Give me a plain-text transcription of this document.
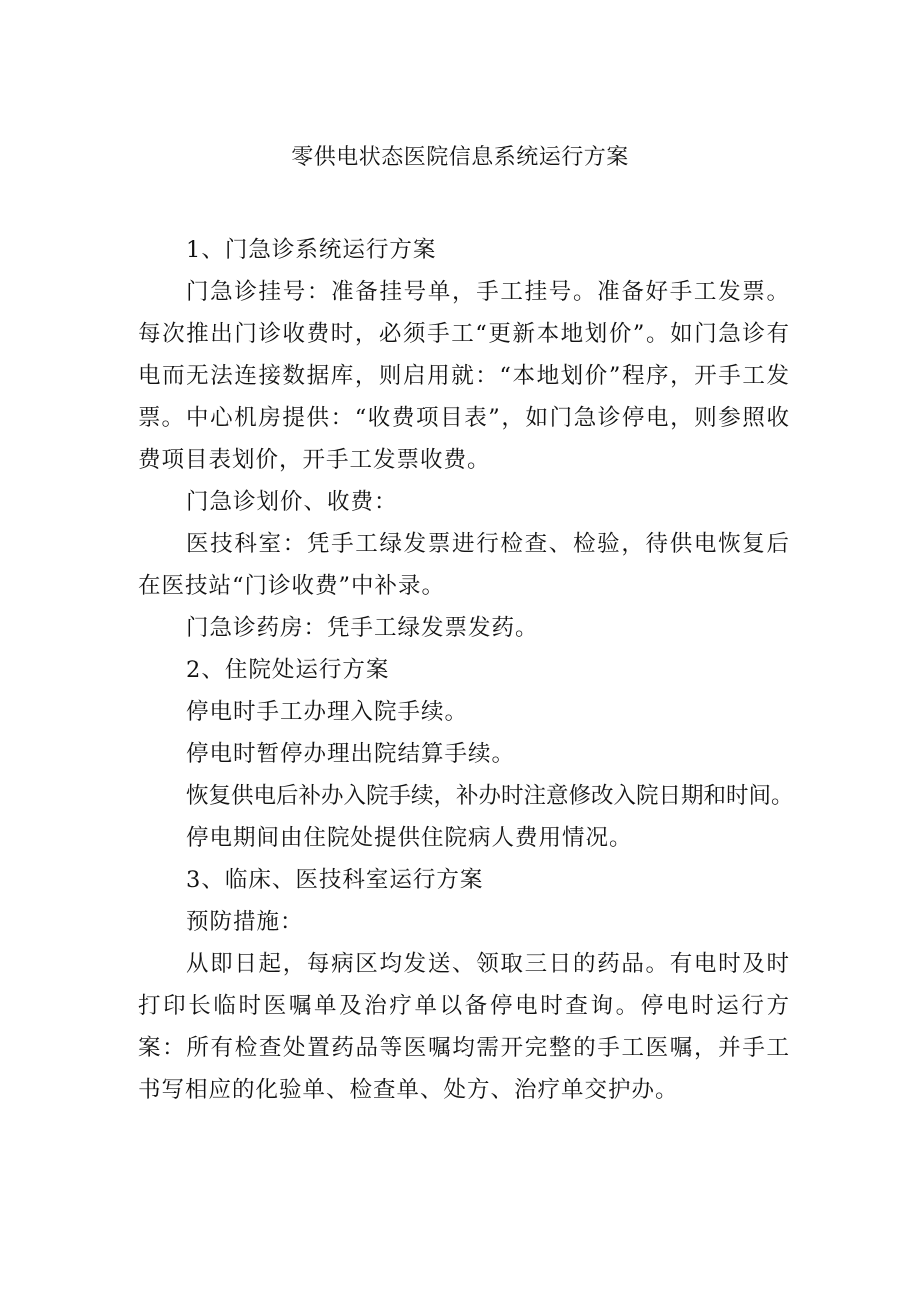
零供电状态医院信息系统运行方案

1、门急诊系统运行方案

门急诊挂号：准备挂号单，手工挂号。准备好手工发票。每次推出门诊收费时，必须手工“更新本地划价”。如门急诊有电而无法连接数据库，则启用就：“本地划价”程序，开手工发票。 中心机房提供：“收费项目表”，如门急诊停电，则参照收费项目表划价，开手工发票收费。

门急诊划价、收费：

医技科室：凭手工绿发票进行检查、检验，待供电恢复后在医技站“门诊收费”中补录。

门急诊药房：凭手工绿发票发药。

2、住院处运行方案

停电时手工办理入院手续。

停电时暂停办理出院结算手续。

恢复供电后补办入院手续，补办时注意修改入院日期和时间。

停电期间由住院处提供住院病人费用情况。

3、临床、医技科室运行方案

预防措施：

从即日起，每病区均发送、领取三日的药品。有电时及时打印长临时医嘱单及治疗单以备停电时查询。停电时运行方案：所有检查处置药品等医嘱均需开完整的手工医嘱，并手工书写相应的化验单、检查单、处方、治疗单交护办。
